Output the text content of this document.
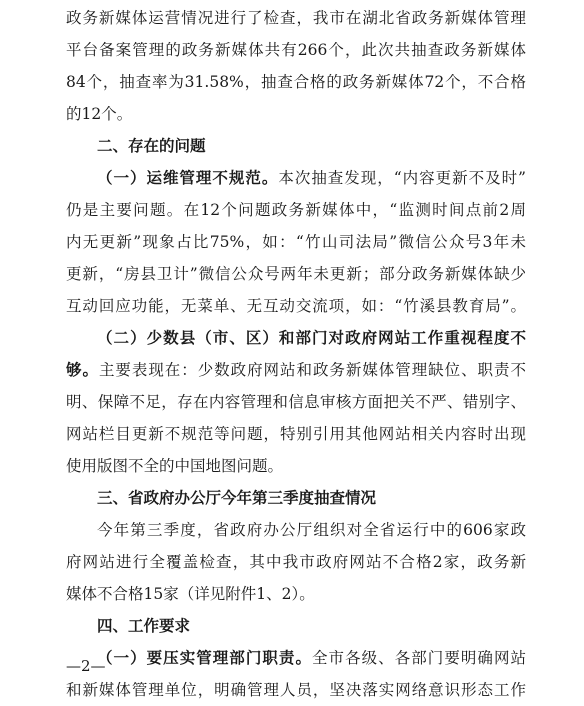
政务新媒体运营情况进行了检查，我市在湖北省政务新媒体管理
平台备案管理的政务新媒体共有266个，此次共抽查政务新媒体
84个，抽查率为31.58%，抽查合格的政务新媒体72个，不合格
的12个。
二、存在的问题
（一）运维管理不规范。本次抽查发现，“内容更新不及时”
仍是主要问题。在12个问题政务新媒体中，“监测时间点前2周
内无更新”现象占比75%，如：“竹山司法局”微信公众号3年未
更新，“房县卫计”微信公众号两年未更新；部分政务新媒体缺少
互动回应功能，无菜单、无互动交流项，如：“竹溪县教育局”。
（二）少数县（市、区）和部门对政府网站工作重视程度不
够。主要表现在：少数政府网站和政务新媒体管理缺位、职责不
明、保障不足，存在内容管理和信息审核方面把关不严、错别字、
网站栏目更新不规范等问题，特别引用其他网站相关内容时出现
使用版图不全的中国地图问题。
三、省政府办公厅今年第三季度抽查情况
今年第三季度，省政府办公厅组织对全省运行中的606家政
府网站进行全覆盖检查，其中我市政府网站不合格2家，政务新
媒体不合格15家（详见附件1、2）。
四、工作要求
（一）要压实管理部门职责。全市各级、各部门要明确网站
和新媒体管理单位，明确管理人员，坚决落实网络意识形态工作
—2—
